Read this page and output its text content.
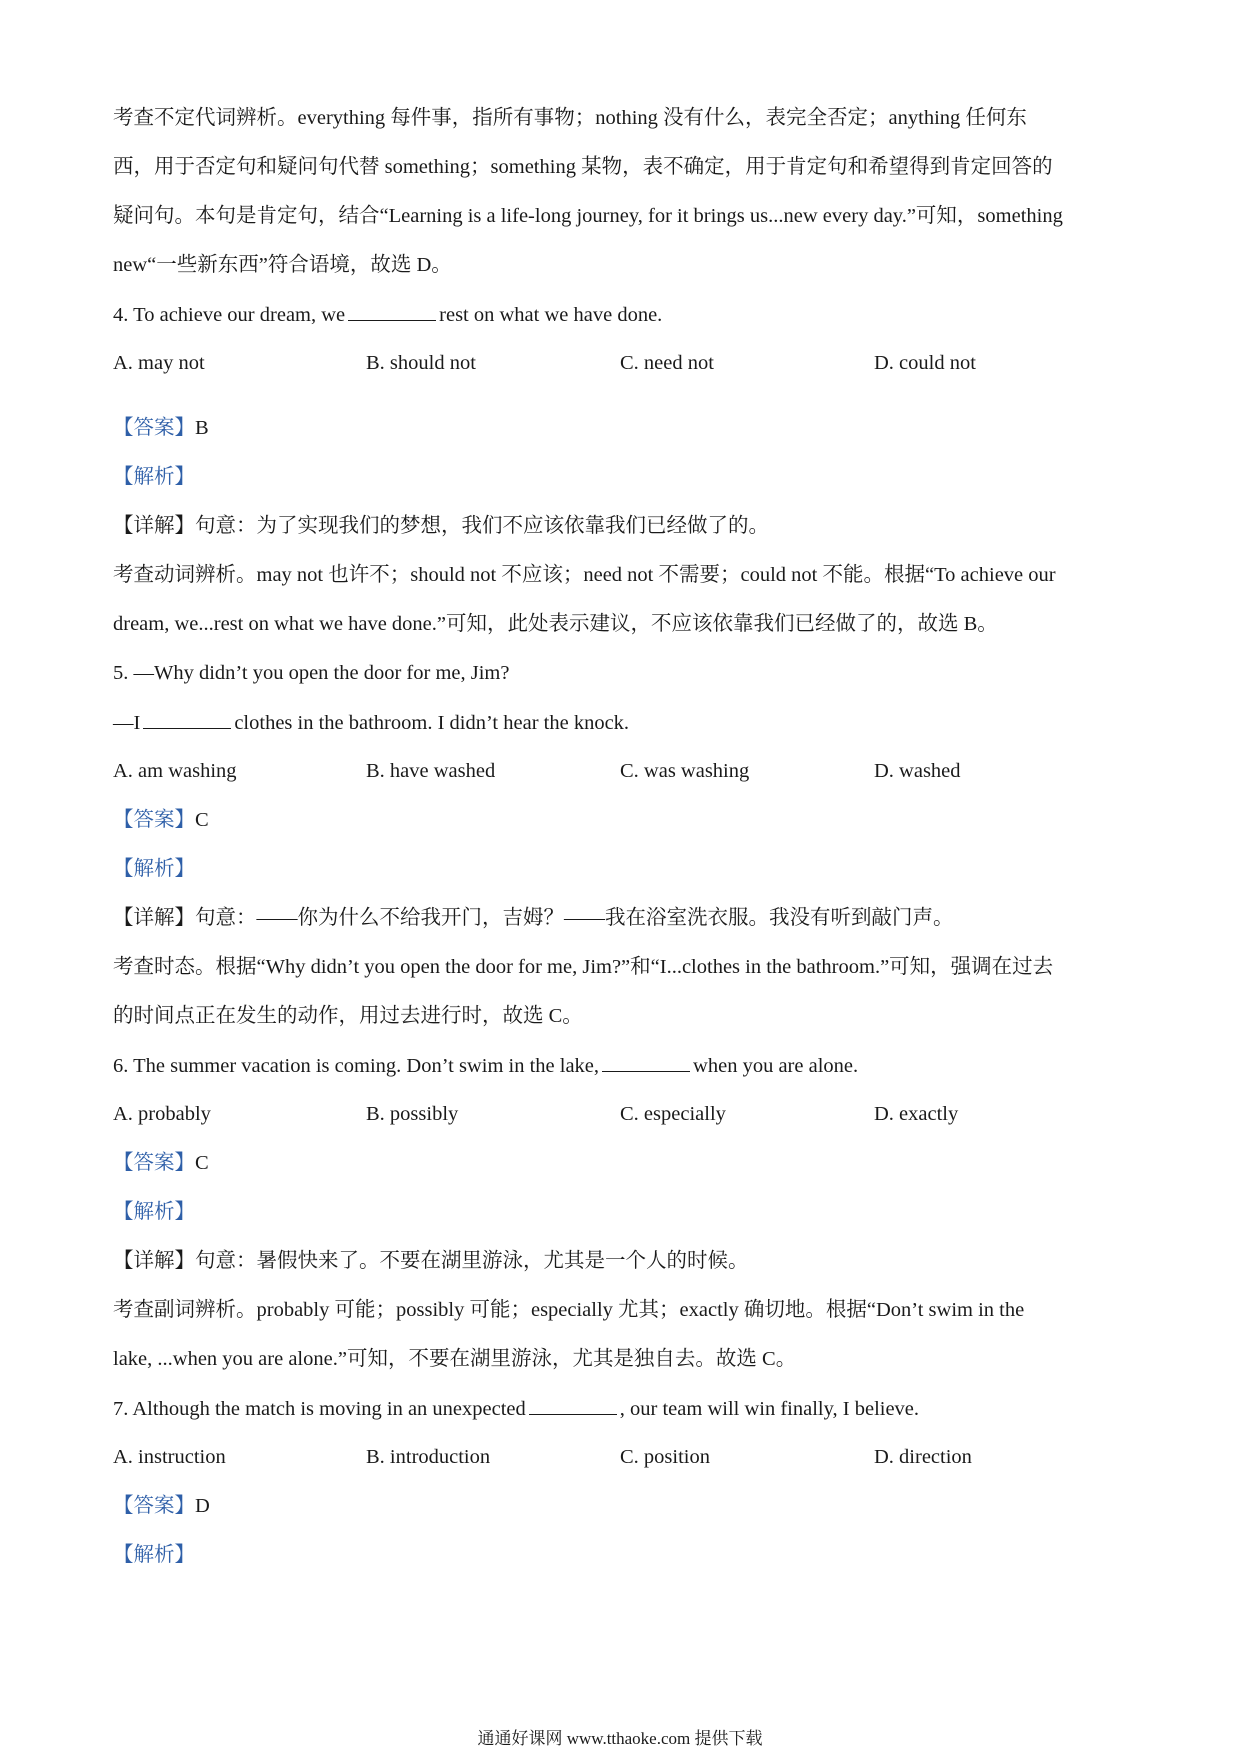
考查不定代词辨析。everything 每件事，指所有事物；nothing 没有什么，表完全否定；anything 任何东
西，用于否定句和疑问句代替 something；something 某物，表不确定，用于肯定句和希望得到肯定回答的
疑问句。本句是肯定句，结合“Learning is a life-long journey, for it brings us...new every day.”可知，something
new“一些新东西”符合语境，故选 D。
4. To achieve our dream, we	rest on what we have done.
A. may not	B. should not	C. need not	D. could not
【答案】B
【解析】
【详解】句意：为了实现我们的梦想，我们不应该依靠我们已经做了的。
考查动词辨析。may not 也许不；should not 不应该；need not 不需要；could not 不能。根据“To achieve our
dream, we...rest on what we have done.”可知，此处表示建议，不应该依靠我们已经做了的，故选 B。
5. —Why didn’t you open the door for me, Jim?
—I	clothes in the bathroom. I didn’t hear the knock.
A. am washing	B. have washed	C. was washing	D. washed
【答案】C
【解析】
【详解】句意：——你为什么不给我开门，吉姆？——我在浴室洗衣服。我没有听到敲门声。
考查时态。根据“Why didn’t you open the door for me, Jim?”和“I...clothes in the bathroom.”可知，强调在过去
的时间点正在发生的动作，用过去进行时，故选 C。
6. The summer vacation is coming. Don’t swim in the lake,	when you are alone.
A. probably	B. possibly	C. especially	D. exactly
【答案】C
【解析】
【详解】句意：暑假快来了。不要在湖里游泳，尤其是一个人的时候。
考查副词辨析。probably 可能；possibly 可能；especially 尤其；exactly 确切地。根据“Don’t swim in the
lake, ...when you are alone.”可知，不要在湖里游泳，尤其是独自去。故选 C。
7. Although the match is moving in an unexpected	, our team will win finally, I believe.
A. instruction	B. introduction	C. position	D. direction
【答案】D
【解析】
通通好课网 www.tthaoke.com 提供下载
